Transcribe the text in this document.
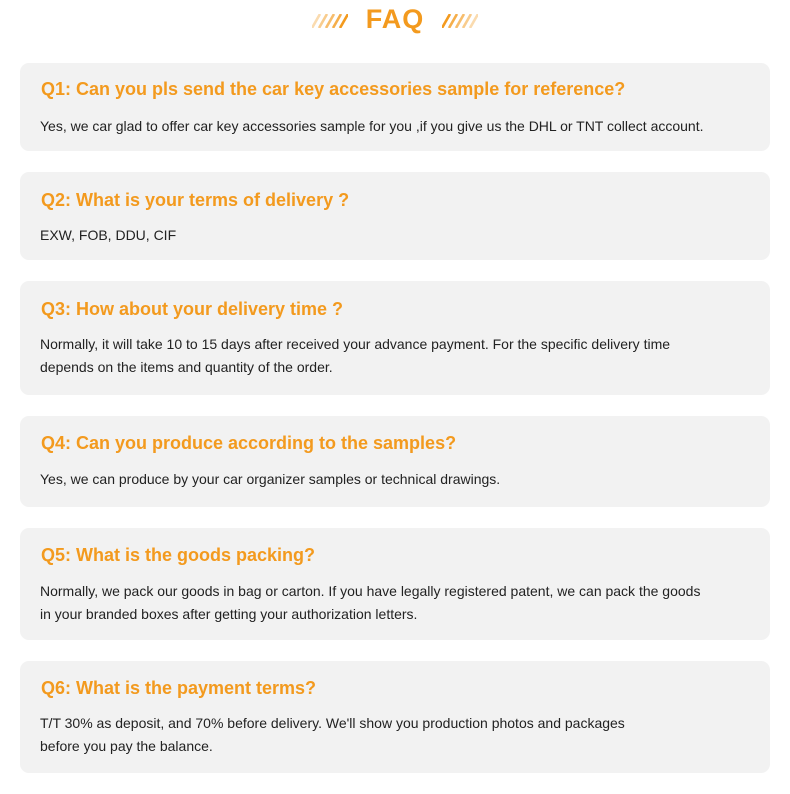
FAQ
Q1: Can you pls send the car key accessories sample for reference?
Yes, we car glad to offer car key accessories sample for you ,if you give us the DHL or TNT collect account.
Q2: What is your terms of delivery ?
EXW, FOB, DDU, CIF
Q3: How about your delivery time ?
Normally, it will take 10 to 15 days after received your advance payment. For the specific delivery time
depends on the items and quantity of the order.
Q4: Can you produce according to the samples?
Yes, we can produce by your car organizer samples or technical drawings.
Q5: What is the goods packing?
Normally, we pack our goods in bag or carton. If you have legally registered patent, we can pack the goods
in your branded boxes after getting your authorization letters.
Q6: What is the payment terms?
T/T 30% as deposit, and 70% before delivery. We'll show you production photos and packages
before you pay the balance.
